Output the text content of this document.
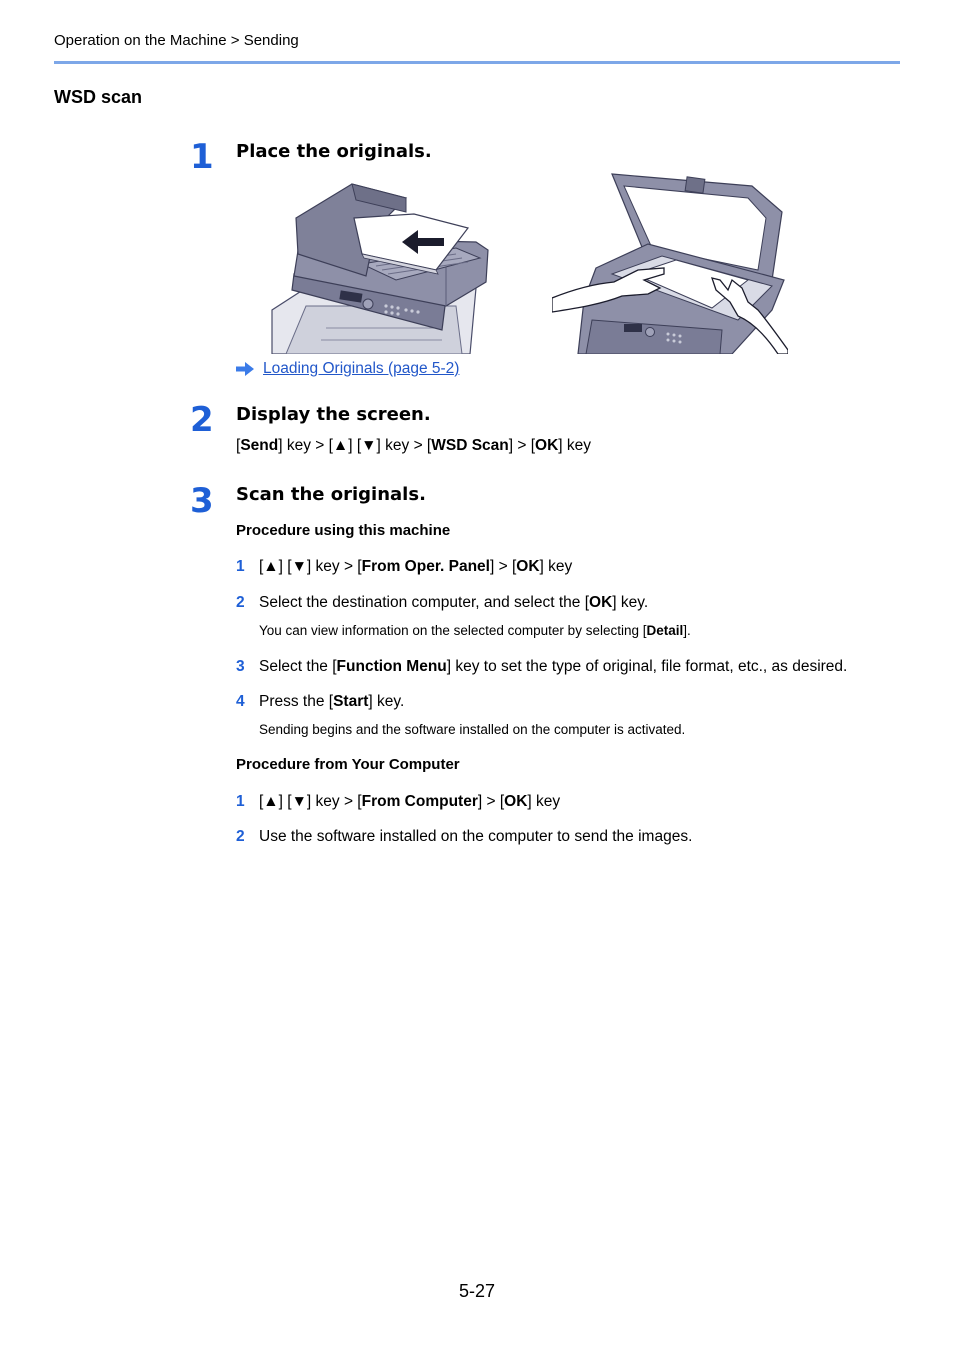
Operation on the Machine > Sending
WSD scan
1 Place the originals.
Loading Originals (page 5-2)
2 Display the screen.
[Send] key > [▲] [▼] key > [WSD Scan] > [OK] key
3 Scan the originals.
Procedure using this machine
1 [▲] [▼] key > [From Oper. Panel] > [OK] key
2 Select the destination computer, and select the [OK] key.
You can view information on the selected computer by selecting [Detail].
3 Select the [Function Menu] key to set the type of original, file format, etc., as desired.
4 Press the [Start] key.
Sending begins and the software installed on the computer is activated.
Procedure from Your Computer
1 [▲] [▼] key > [From Computer] > [OK] key
2 Use the software installed on the computer to send the images.
5-27
